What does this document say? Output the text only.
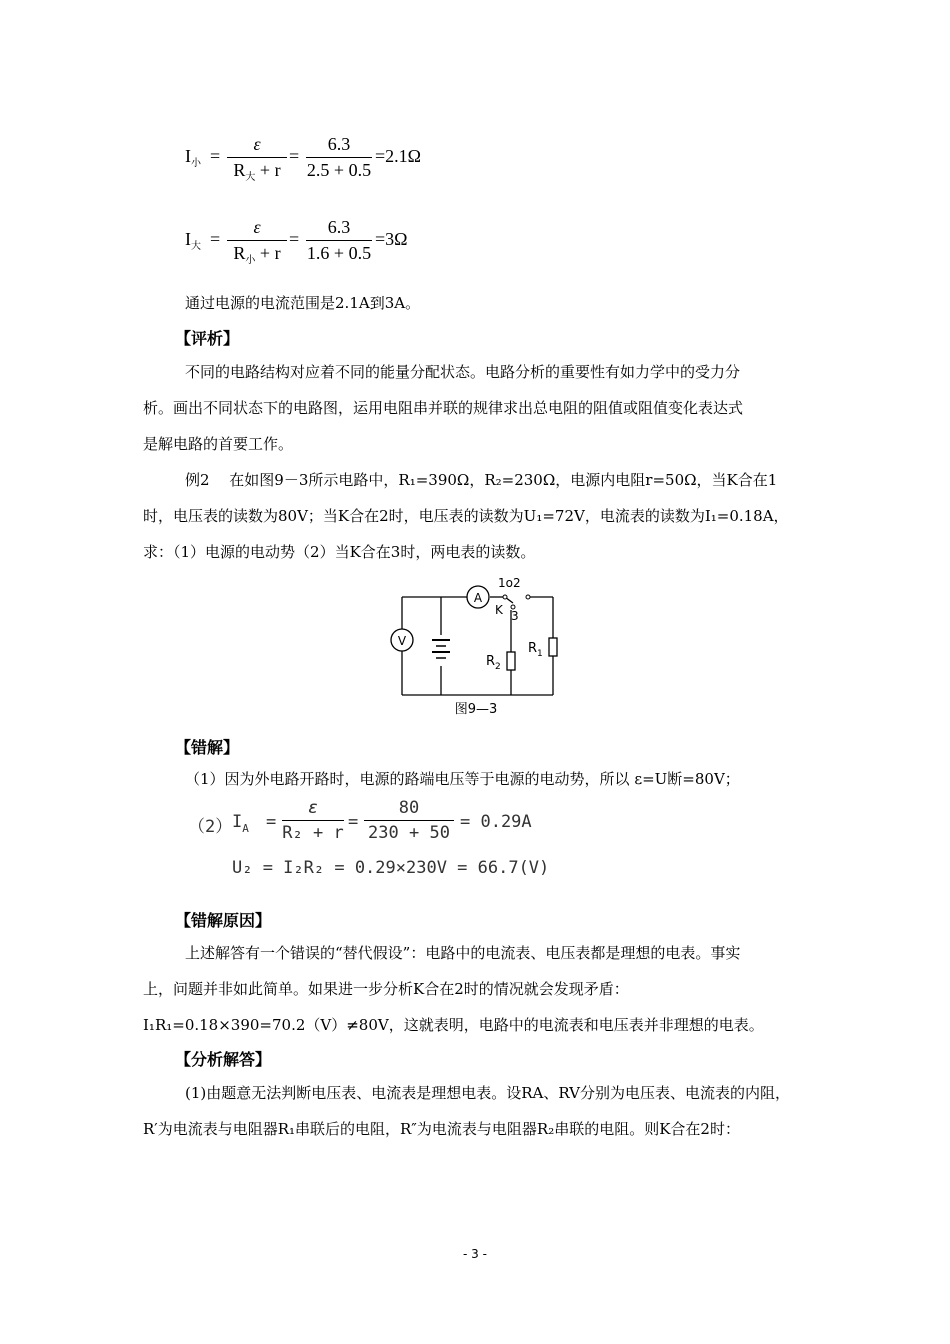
$I_小$ =
ε
$R_大 + r$
=
6.3
2.5 + 0.5
=2.1Ω
$I_大$ =
ε
$R_小 + r$
=
6.3
1.6 + 0.5
=3Ω
通过电源的电流范围是2.1A到3A。
【评析】
不同的电路结构对应着不同的能量分配状态。电路分析的重要性有如力学中的受力分
析。画出不同状态下的电路图，运用电阻串并联的规律求出总电阻的阻值或阻值变化表达式
是解电路的首要工作。
例2　 在如图9－3所示电路中，R₁=390Ω，R₂=230Ω，电源内电阻r=50Ω，当K合在1
时，电压表的读数为80V；当K合在2时，电压表的读数为U₁=72V，电流表的读数为I₁=0.18A，
求：（1）电源的电动势（2）当K合在3时，两电表的读数。
V
A
1o2
K 3
$R_2$
$R_1$
图9—3
【错解】
（1）因为外电路开路时，电源的路端电压等于电源的电动势，所以 ε=U断=80V；
（2） $I_A$ =
ε
R₂ + r
=
80
230 + 50
= 0.29A
U₂ = I₂R₂ = 0.29×230V = 66.7(V)
【错解原因】
上述解答有一个错误的“替代假设”：电路中的电流表、电压表都是理想的电表。事实
上，问题并非如此简单。如果进一步分析K合在2时的情况就会发现矛盾：
I₁R₁=0.18×390=70.2（V）≠80V，这就表明，电路中的电流表和电压表并非理想的电表。
【分析解答】
(1)由题意无法判断电压表、电流表是理想电表。设RA、RV分别为电压表、电流表的内阻，
R′为电流表与电阻器R₁串联后的电阻，R″为电流表与电阻器R₂串联的电阻。则K合在2时：
- 3 -
